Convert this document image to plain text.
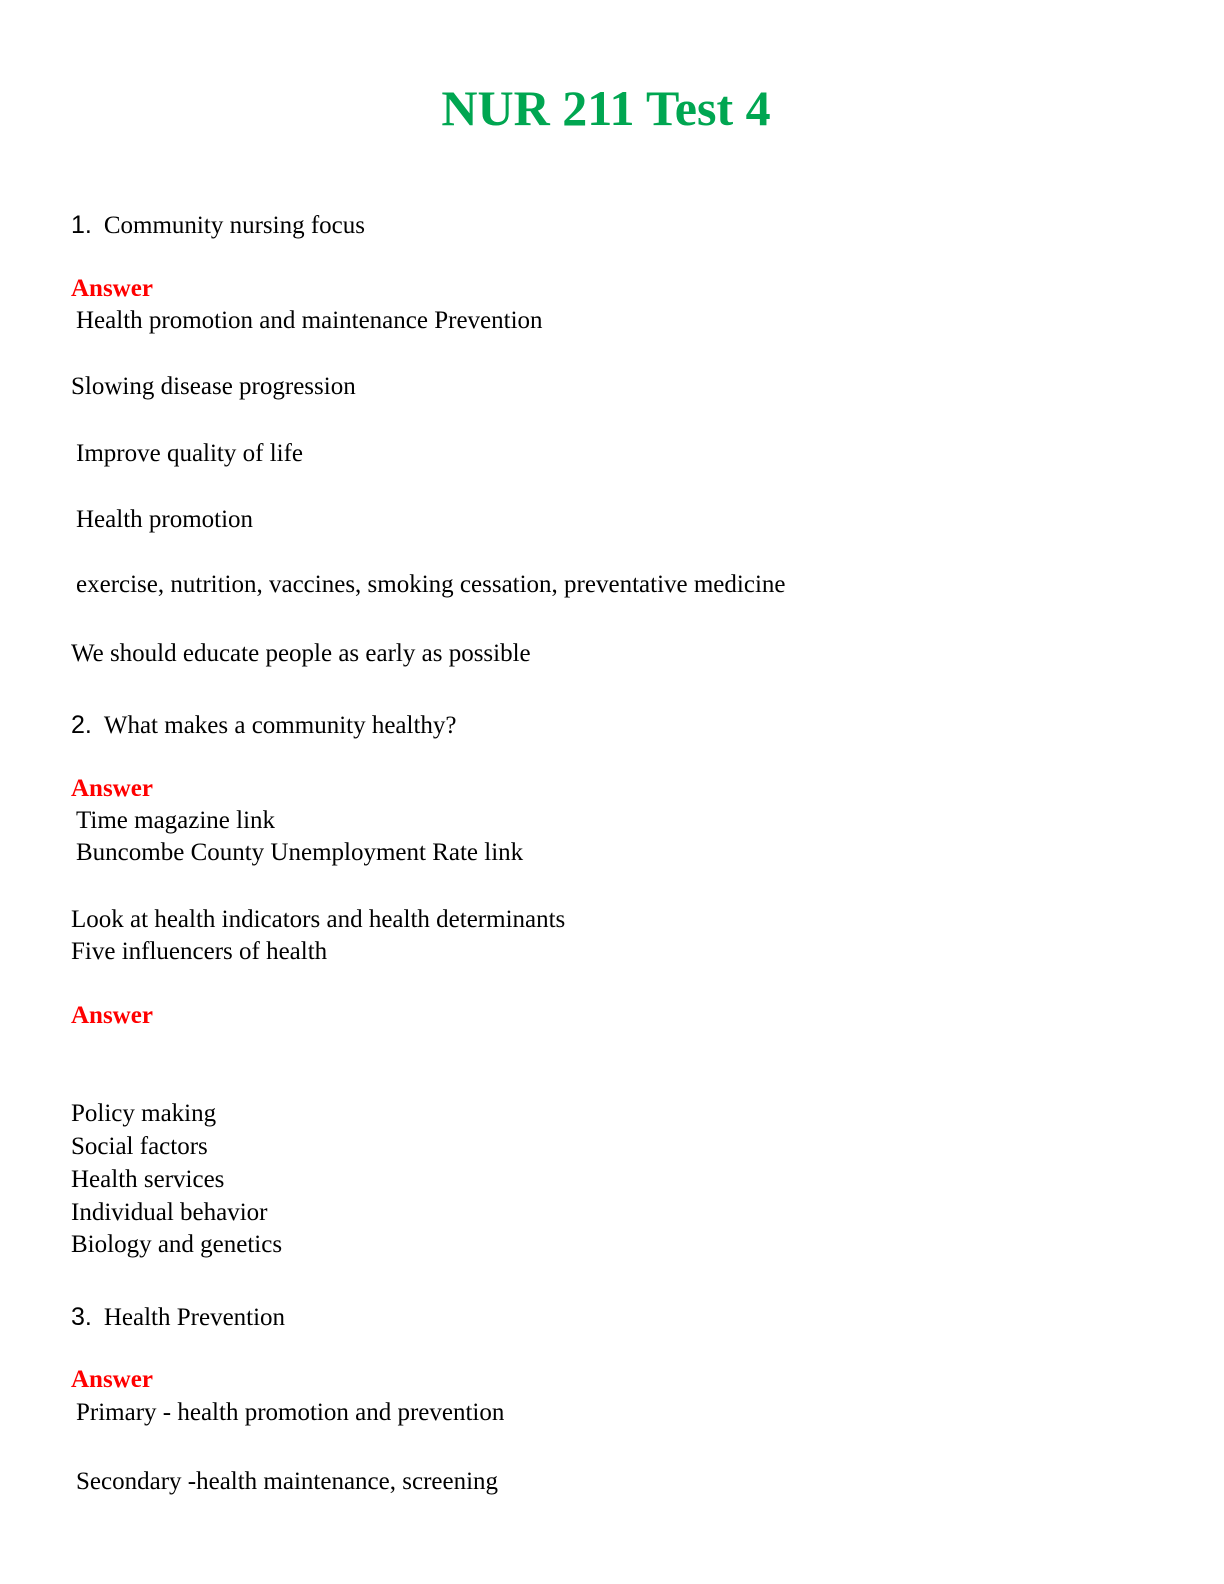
NUR 211 Test 4
1. Community nursing focus
Answer
Health promotion and maintenance Prevention
Slowing disease progression
Improve quality of life
Health promotion
exercise, nutrition, vaccines, smoking cessation, preventative medicine
We should educate people as early as possible
2. What makes a community healthy?
Answer
Time magazine link
Buncombe County Unemployment Rate link
Look at health indicators and health determinants
Five influencers of health
Answer
Policy making
Social factors
Health services
Individual behavior
Biology and genetics
3. Health Prevention
Answer
Primary - health promotion and prevention
Secondary -health maintenance, screening
